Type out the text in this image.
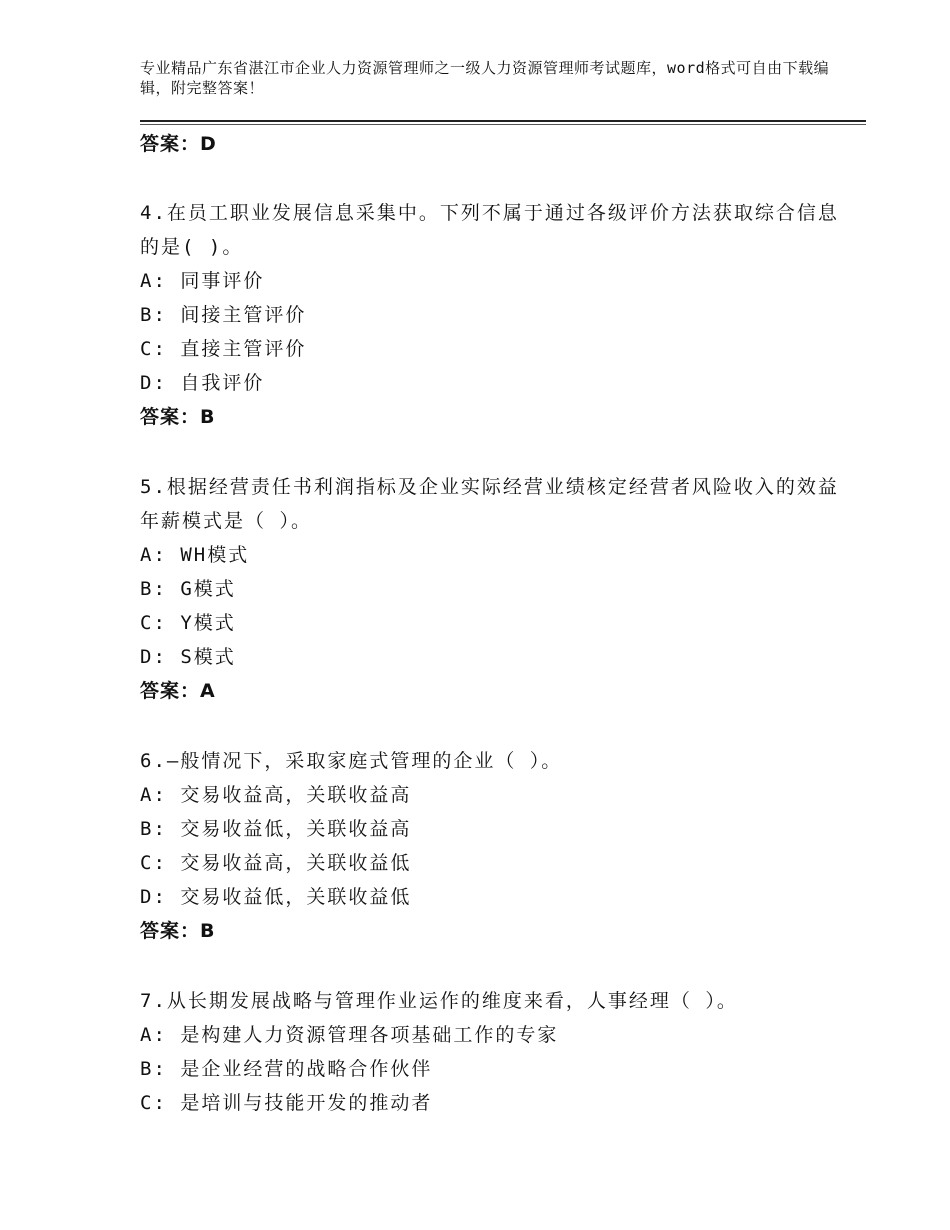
专业精品广东省湛江市企业人力资源管理师之一级人力资源管理师考试题库，word格式可自由下载编辑，附完整答案！
答案：D
4.在员工职业发展信息采集中。下列不属于通过各级评价方法获取综合信息的是( )。
A: 同事评价
B: 间接主管评价
C: 直接主管评价
D: 自我评价
答案：B
5.根据经营责任书利润指标及企业实际经营业绩核定经营者风险收入的效益年薪模式是（ ）。
A: WH模式
B: G模式
C: Y模式
D: S模式
答案：A
6.—般情况下，采取家庭式管理的企业（ ）。
A: 交易收益高，关联收益高
B: 交易收益低，关联收益高
C: 交易收益高，关联收益低
D: 交易收益低，关联收益低
答案：B
7.从长期发展战略与管理作业运作的维度来看，人事经理（ ）。
A: 是构建人力资源管理各项基础工作的专家
B: 是企业经营的战略合作伙伴
C: 是培训与技能开发的推动者
